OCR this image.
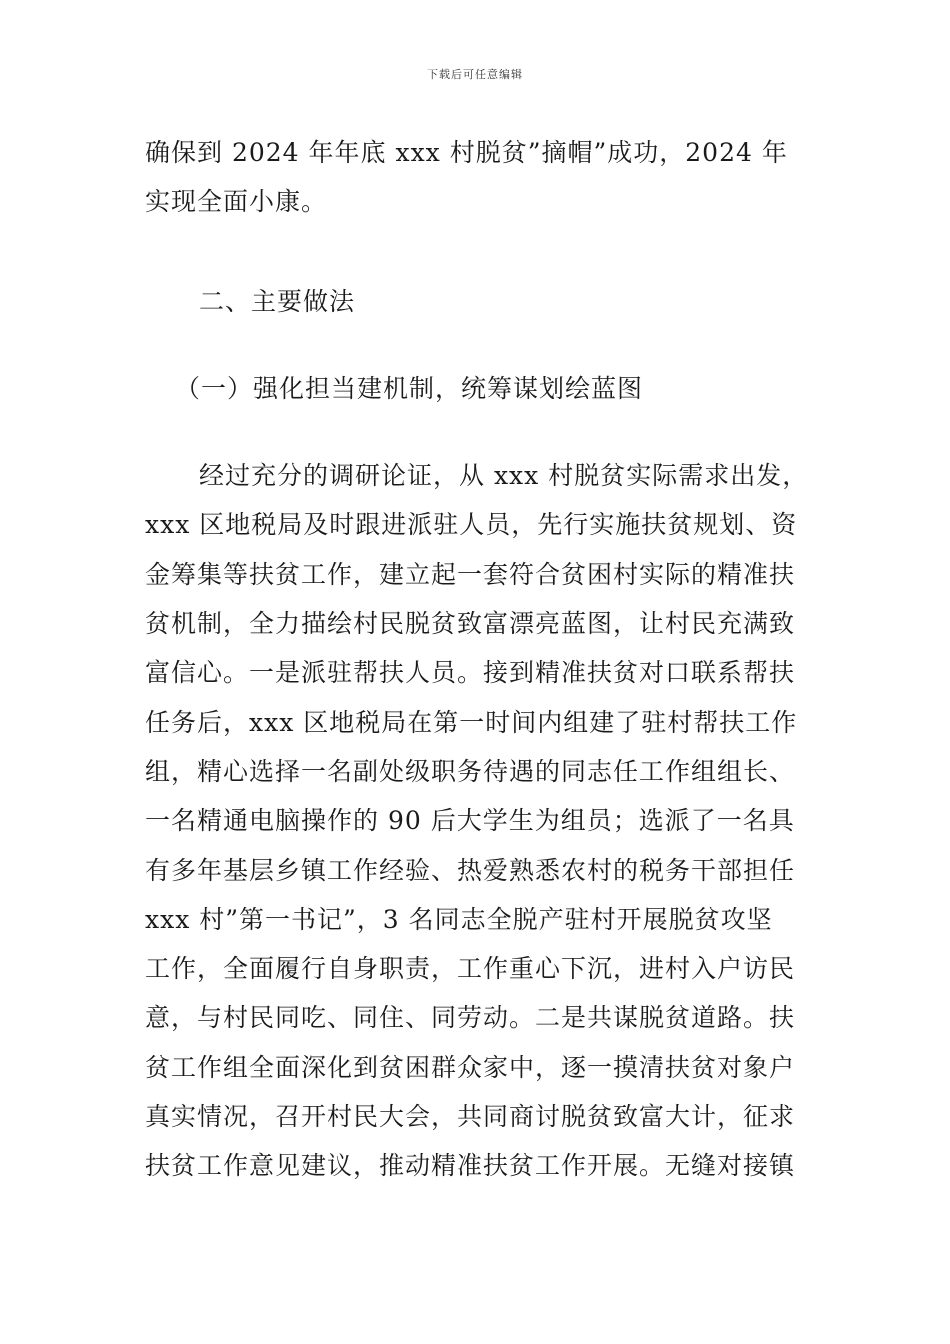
下载后可任意编辑

确保到 2024 年年底 xxx 村脱贫”摘帽”成功，2024 年

实现全面小康。

二、主要做法

（一）强化担当建机制，统筹谋划绘蓝图

经过充分的调研论证，从 xxx 村脱贫实际需求出发，

xxx 区地税局及时跟进派驻人员，先行实施扶贫规划、资

金筹集等扶贫工作，建立起一套符合贫困村实际的精准扶

贫机制，全力描绘村民脱贫致富漂亮蓝图，让村民充满致

富信心。一是派驻帮扶人员。接到精准扶贫对口联系帮扶

任务后，xxx 区地税局在第一时间内组建了驻村帮扶工作

组，精心选择一名副处级职务待遇的同志任工作组组长、

一名精通电脑操作的 90 后大学生为组员；选派了一名具

有多年基层乡镇工作经验、热爱熟悉农村的税务干部担任

xxx 村”第一书记”，3 名同志全脱产驻村开展脱贫攻坚

工作，全面履行自身职责，工作重心下沉，进村入户访民

意，与村民同吃、同住、同劳动。二是共谋脱贫道路。扶

贫工作组全面深化到贫困群众家中，逐一摸清扶贫对象户

真实情况，召开村民大会，共同商讨脱贫致富大计，征求

扶贫工作意见建议，推动精准扶贫工作开展。无缝对接镇
